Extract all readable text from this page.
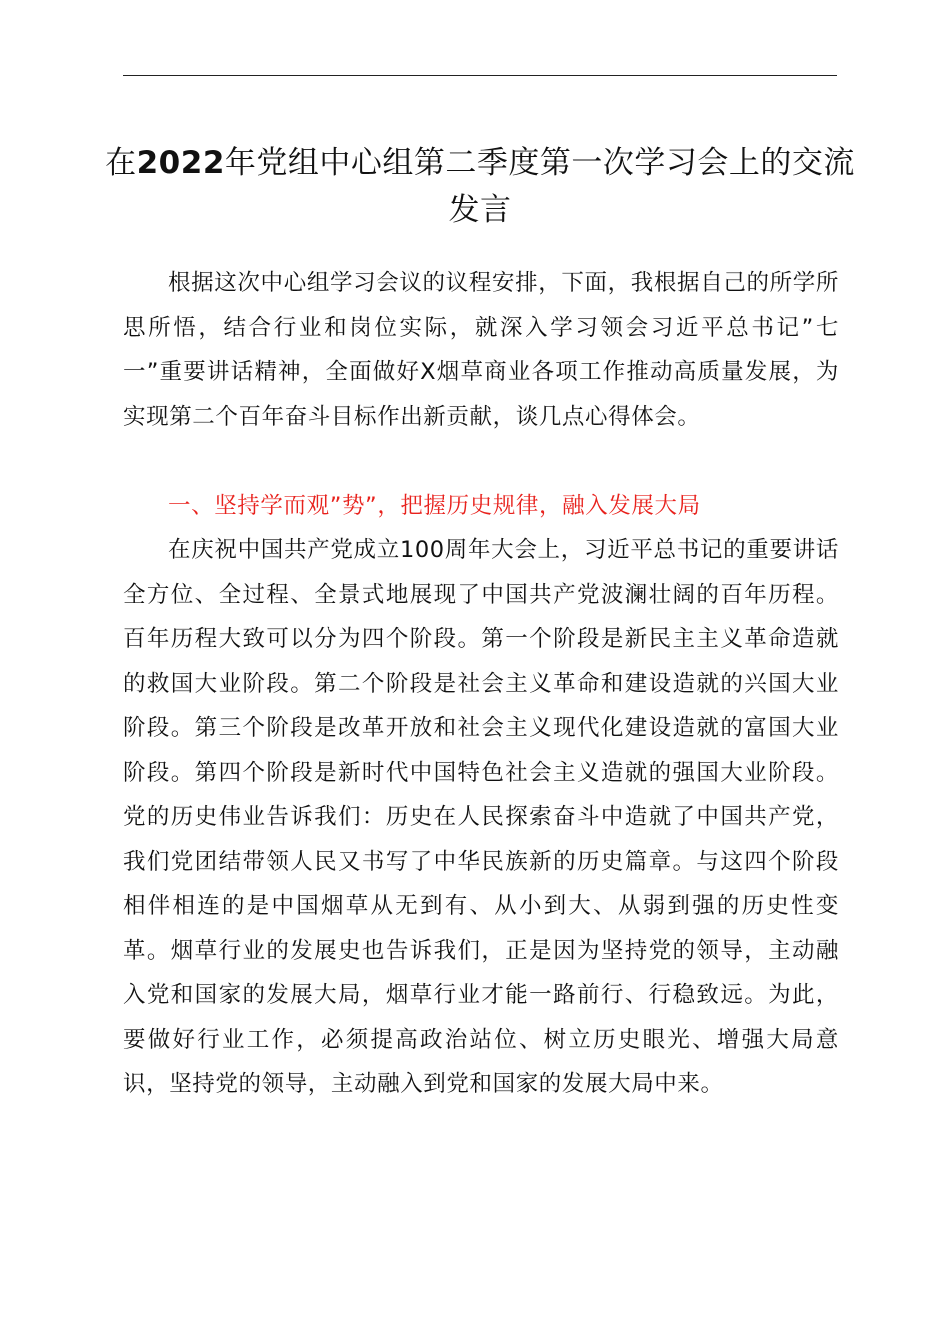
在2022年党组中心组第二季度第一次学习会上的交流发言

根据这次中心组学习会议的议程安排，下面，我根据自己的所学所思所悟，结合行业和岗位实际，就深入学习领会习近平总书记”七一”重要讲话精神，全面做好X烟草商业各项工作推动高质量发展，为实现第二个百年奋斗目标作出新贡献，谈几点心得体会。

一、坚持学而观”势”，把握历史规律，融入发展大局

在庆祝中国共产党成立100周年大会上，习近平总书记的重要讲话全方位、全过程、全景式地展现了中国共产党波澜壮阔的百年历程。百年历程大致可以分为四个阶段。第一个阶段是新民主主义革命造就的救国大业阶段。第二个阶段是社会主义革命和建设造就的兴国大业阶段。第三个阶段是改革开放和社会主义现代化建设造就的富国大业阶段。第四个阶段是新时代中国特色社会主义造就的强国大业阶段。党的历史伟业告诉我们：历史在人民探索奋斗中造就了中国共产党，我们党团结带领人民又书写了中华民族新的历史篇章。与这四个阶段相伴相连的是中国烟草从无到有、从小到大、从弱到强的历史性变革。烟草行业的发展史也告诉我们，正是因为坚持党的领导，主动融入党和国家的发展大局，烟草行业才能一路前行、行稳致远。为此，要做好行业工作，必须提高政治站位、树立历史眼光、增强大局意识，坚持党的领导，主动融入到党和国家的发展大局中来。
